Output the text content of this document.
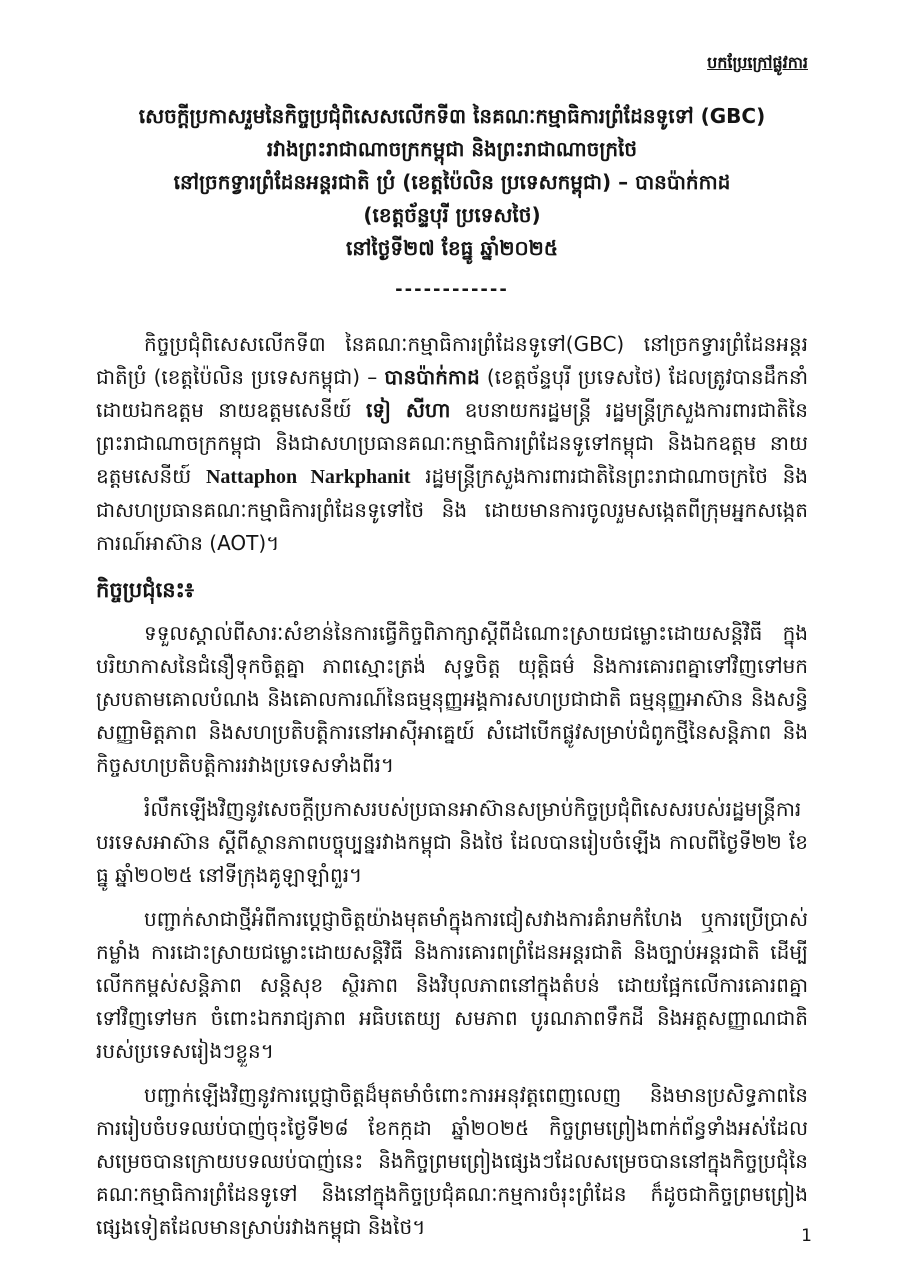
បកប្រែក្រៅផ្លូវការ
សេចក្តីប្រកាសរួមនៃកិច្ចប្រជុំពិសេសលើកទី៣ នៃគណៈកម្មាធិការព្រំដែនទូទៅ (GBC)
រវាងព្រះរាជាណាចក្រកម្ពុជា និងព្រះរាជាណាចក្រថៃ
នៅច្រកទ្វារព្រំដែនអន្តរជាតិ ប្រំ (ខេត្តប៉ៃលិន ប្រទេសកម្ពុជា) – បានប៉ាក់កាដ
(ខេត្តច័ន្ទបុរី ប្រទេសថៃ)
នៅថ្ងៃទី២៧ ខែធ្នូ ឆ្នាំ២០២៥
------------

កិច្ចប្រជុំពិសេសលើកទី៣ នៃគណៈកម្មាធិការព្រំដែនទូទៅ(GBC) នៅច្រកទ្វារព្រំដែនអន្តរជាតិប្រំ (ខេត្តប៉ៃលិន ប្រទេសកម្ពុជា) – បានប៉ាក់កាដ (ខេត្តច័ន្ទបុរី ប្រទេសថៃ) ដែលត្រូវបានដឹកនាំដោយឯកឧត្តម នាយឧត្តមសេនីយ៍ ទៀ សីហា ឧបនាយករដ្ឋមន្ត្រី រដ្ឋមន្ត្រីក្រសួងការពារជាតិនៃព្រះរាជាណាចក្រកម្ពុជា និងជាសហប្រធានគណៈកម្មាធិការព្រំដែនទូទៅកម្ពុជា និងឯកឧត្តម នាយឧត្តមសេនីយ៍ Nattaphon Narkphanit រដ្ឋមន្ត្រីក្រសួងការពារជាតិនៃព្រះរាជាណាចក្រថៃ និងជាសហប្រធានគណៈកម្មាធិការព្រំដែនទូទៅថៃ និង ដោយមានការចូលរួមសង្កេតពីក្រុមអ្នកសង្កេតការណ៍អាស៊ាន (AOT)។

កិច្ចប្រជុំនេះ៖

ទទួលស្គាល់ពីសារៈសំខាន់នៃការធ្វើកិច្ចពិភាក្សាស្តីពីដំណោះស្រាយជម្លោះដោយសន្តិវិធី ក្នុងបរិយាកាសនៃជំនឿទុកចិត្តគ្នា ភាពស្មោះត្រង់ សុទ្ធចិត្ត យុត្តិធម៌ និងការគោរពគ្នាទៅវិញទៅមក ស្របតាមគោលបំណង និងគោលការណ៍នៃធម្មនុញ្ញអង្គការសហប្រជាជាតិ ធម្មនុញ្ញអាស៊ាន និងសន្ធិសញ្ញាមិត្តភាព និងសហប្រតិបត្តិការនៅអាស៊ីអាគ្នេយ៍ សំដៅបើកផ្លូវសម្រាប់ជំពូកថ្មីនៃសន្តិភាព និងកិច្ចសហប្រតិបត្តិការរវាងប្រទេសទាំងពីរ។

រំលឹកឡើងវិញនូវសេចក្តីប្រកាសរបស់ប្រធានអាស៊ានសម្រាប់កិច្ចប្រជុំពិសេសរបស់រដ្ឋមន្ត្រីការបរទេសអាស៊ាន ស្តីពីស្ថានភាពបច្ចុប្បន្នរវាងកម្ពុជា និងថៃ ដែលបានរៀបចំឡើង កាលពីថ្ងៃទី២២ ខែធ្នូ ឆ្នាំ២០២៥ នៅទីក្រុងគូឡាឡាំពួរ។

បញ្ជាក់សាជាថ្មីអំពីការប្តេជ្ញាចិត្តយ៉ាងមុតមាំក្នុងការជៀសវាងការគំរាមកំហែង ឬការប្រើប្រាស់កម្លាំង ការដោះស្រាយជម្លោះដោយសន្តិវិធី និងការគោរពព្រំដែនអន្តរជាតិ និងច្បាប់អន្តរជាតិ ដើម្បីលើកកម្ពស់សន្តិភាព សន្តិសុខ ស្ថិរភាព និងវិបុលភាពនៅក្នុងតំបន់ ដោយផ្អែកលើការគោរពគ្នាទៅវិញទៅមក ចំពោះឯករាជ្យភាព អធិបតេយ្យ សមភាព បូរណភាពទឹកដី និងអត្តសញ្ញាណជាតិរបស់ប្រទេសរៀងៗខ្លួន។

បញ្ជាក់ឡើងវិញនូវការប្តេជ្ញាចិត្តដ៏មុតមាំចំពោះការអនុវត្តពេញលេញ និងមានប្រសិទ្ធភាពនៃការរៀបចំបទឈប់បាញ់ចុះថ្ងៃទី២៨ ខែកក្កដា ឆ្នាំ២០២៥ កិច្ចព្រមព្រៀងពាក់ព័ន្ធទាំងអស់ដែលសម្រេចបានក្រោយបទឈប់បាញ់នេះ និងកិច្ចព្រមព្រៀងផ្សេងៗដែលសម្រេចបាននៅក្នុងកិច្ចប្រជុំនៃគណៈកម្មាធិការព្រំដែនទូទៅ និងនៅក្នុងកិច្ចប្រជុំគណៈកម្មការចំរុះព្រំដែន ក៏ដូចជាកិច្ចព្រមព្រៀងផ្សេងទៀតដែលមានស្រាប់រវាងកម្ពុជា និងថៃ។	1
